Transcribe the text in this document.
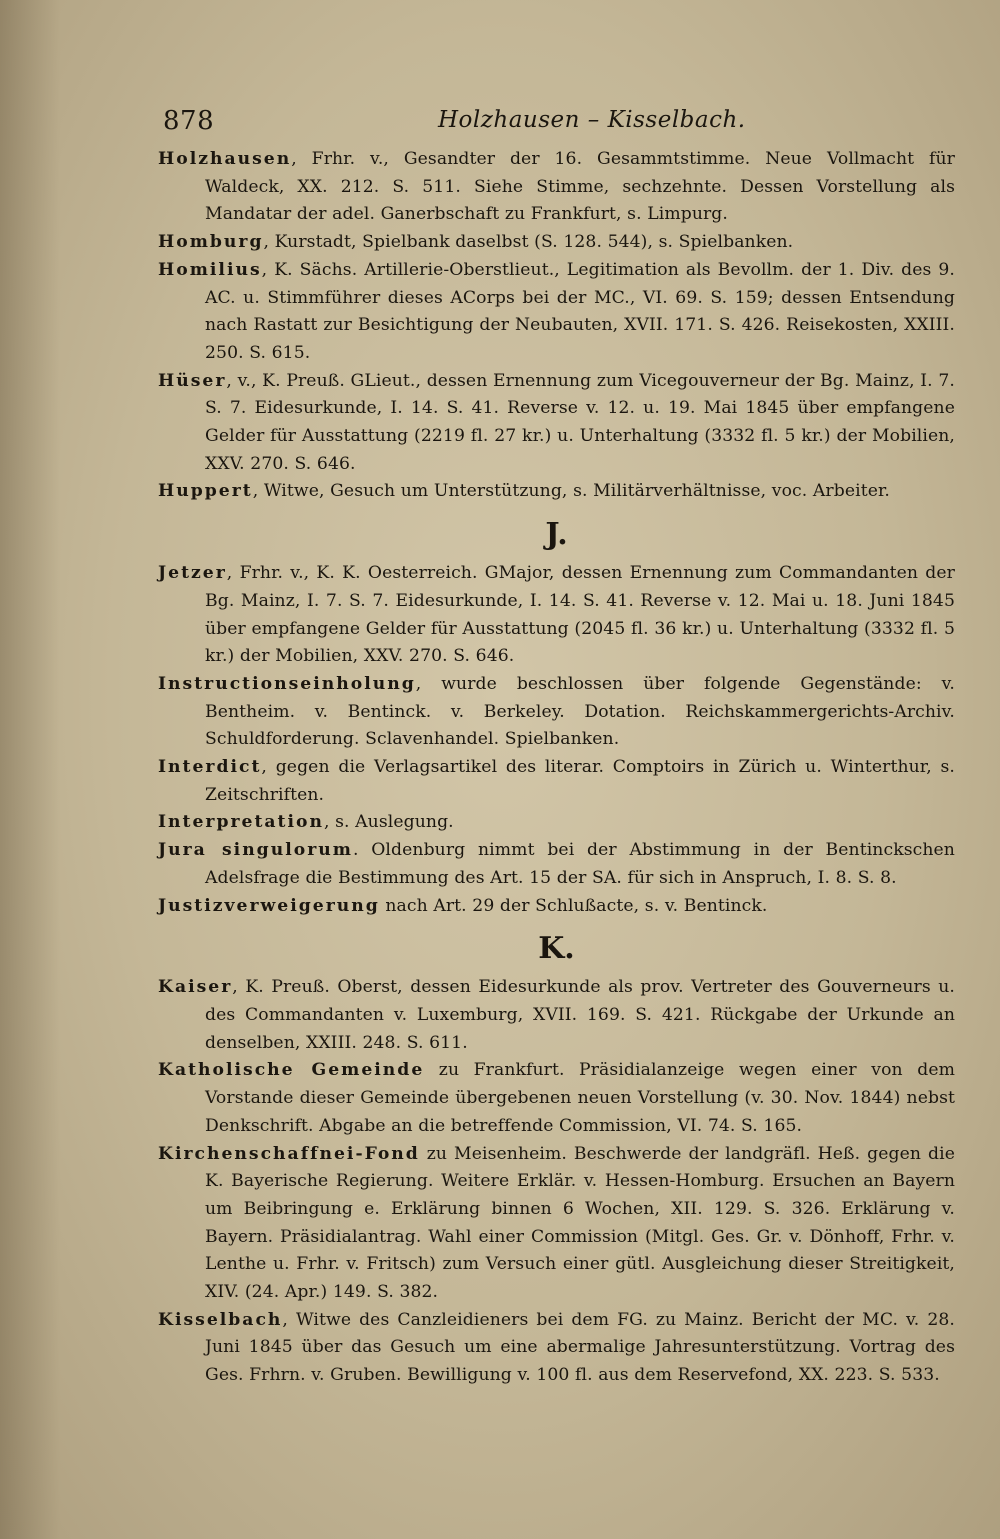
878	Holzhausen – Kisselbach.

Holzhausen, Frhr. v., Gesandter der 16. Gesammtstimme. Neue Vollmacht für Waldeck, XX. 212. S. 511. Siehe Stimme, sechzehnte. Dessen Vorstellung als Mandatar der adel. Ganerbschaft zu Frankfurt, s. Limpurg.

Homburg, Kurstadt, Spielbank daselbst (S. 128. 544), s. Spielbanken.

Homilius, K. Sächs. Artillerie-Oberstlieut., Legitimation als Bevollm. der 1. Div. des 9. AC. u. Stimmführer dieses ACorps bei der MC., VI. 69. S. 159; dessen Entsendung nach Rastatt zur Besichtigung der Neubauten, XVII. 171. S. 426. Reisekosten, XXIII. 250. S. 615.

Hüser, v., K. Preuß. GLieut., dessen Ernennung zum Vicegouverneur der Bg. Mainz, I. 7. S. 7. Eidesurkunde, I. 14. S. 41. Reverse v. 12. u. 19. Mai 1845 über empfangene Gelder für Ausstattung (2219 fl. 27 kr.) u. Unterhaltung (3332 fl. 5 kr.) der Mobilien, XXV. 270. S. 646.

Huppert, Witwe, Gesuch um Unterstützung, s. Militärverhältnisse, voc. Arbeiter.

J.

Jetzer, Frhr. v., K. K. Oesterreich. GMajor, dessen Ernennung zum Commandanten der Bg. Mainz, I. 7. S. 7. Eidesurkunde, I. 14. S. 41. Reverse v. 12. Mai u. 18. Juni 1845 über empfangene Gelder für Ausstattung (2045 fl. 36 kr.) u. Unterhaltung (3332 fl. 5 kr.) der Mobilien, XXV. 270. S. 646.

Instructionseinholung, wurde beschlossen über folgende Gegenstände: v. Bentheim. v. Bentinck. v. Berkeley. Dotation. Reichskammergerichts-Archiv. Schuldforderung. Sclavenhandel. Spielbanken.

Interdict, gegen die Verlagsartikel des literar. Comptoirs in Zürich u. Winterthur, s. Zeitschriften.

Interpretation, s. Auslegung.

Jura singulorum. Oldenburg nimmt bei der Abstimmung in der Bentinckschen Adelsfrage die Bestimmung des Art. 15 der SA. für sich in Anspruch, I. 8. S. 8.

Justizverweigerung nach Art. 29 der Schlußacte, s. v. Bentinck.

K.

Kaiser, K. Preuß. Oberst, dessen Eidesurkunde als prov. Vertreter des Gouverneurs u. des Commandanten v. Luxemburg, XVII. 169. S. 421. Rückgabe der Urkunde an denselben, XXIII. 248. S. 611.

Katholische Gemeinde zu Frankfurt. Präsidialanzeige wegen einer von dem Vorstande dieser Gemeinde übergebenen neuen Vorstellung (v. 30. Nov. 1844) nebst Denkschrift. Abgabe an die betreffende Commission, VI. 74. S. 165.

Kirchenschaffnei-Fond zu Meisenheim. Beschwerde der landgräfl. Heß. gegen die K. Bayerische Regierung. Weitere Erklär. v. Hessen-Homburg. Ersuchen an Bayern um Beibringung e. Erklärung binnen 6 Wochen, XII. 129. S. 326. Erklärung v. Bayern. Präsidialantrag. Wahl einer Commission (Mitgl. Ges. Gr. v. Dönhoff, Frhr. v. Lenthe u. Frhr. v. Fritsch) zum Versuch einer gütl. Ausgleichung dieser Streitigkeit, XIV. (24. Apr.) 149. S. 382.

Kisselbach, Witwe des Canzleidieners bei dem FG. zu Mainz. Bericht der MC. v. 28. Juni 1845 über das Gesuch um eine abermalige Jahresunterstützung. Vortrag des Ges. Frhrn. v. Gruben. Bewilligung v. 100 fl. aus dem Reservefond, XX. 223. S. 533.
